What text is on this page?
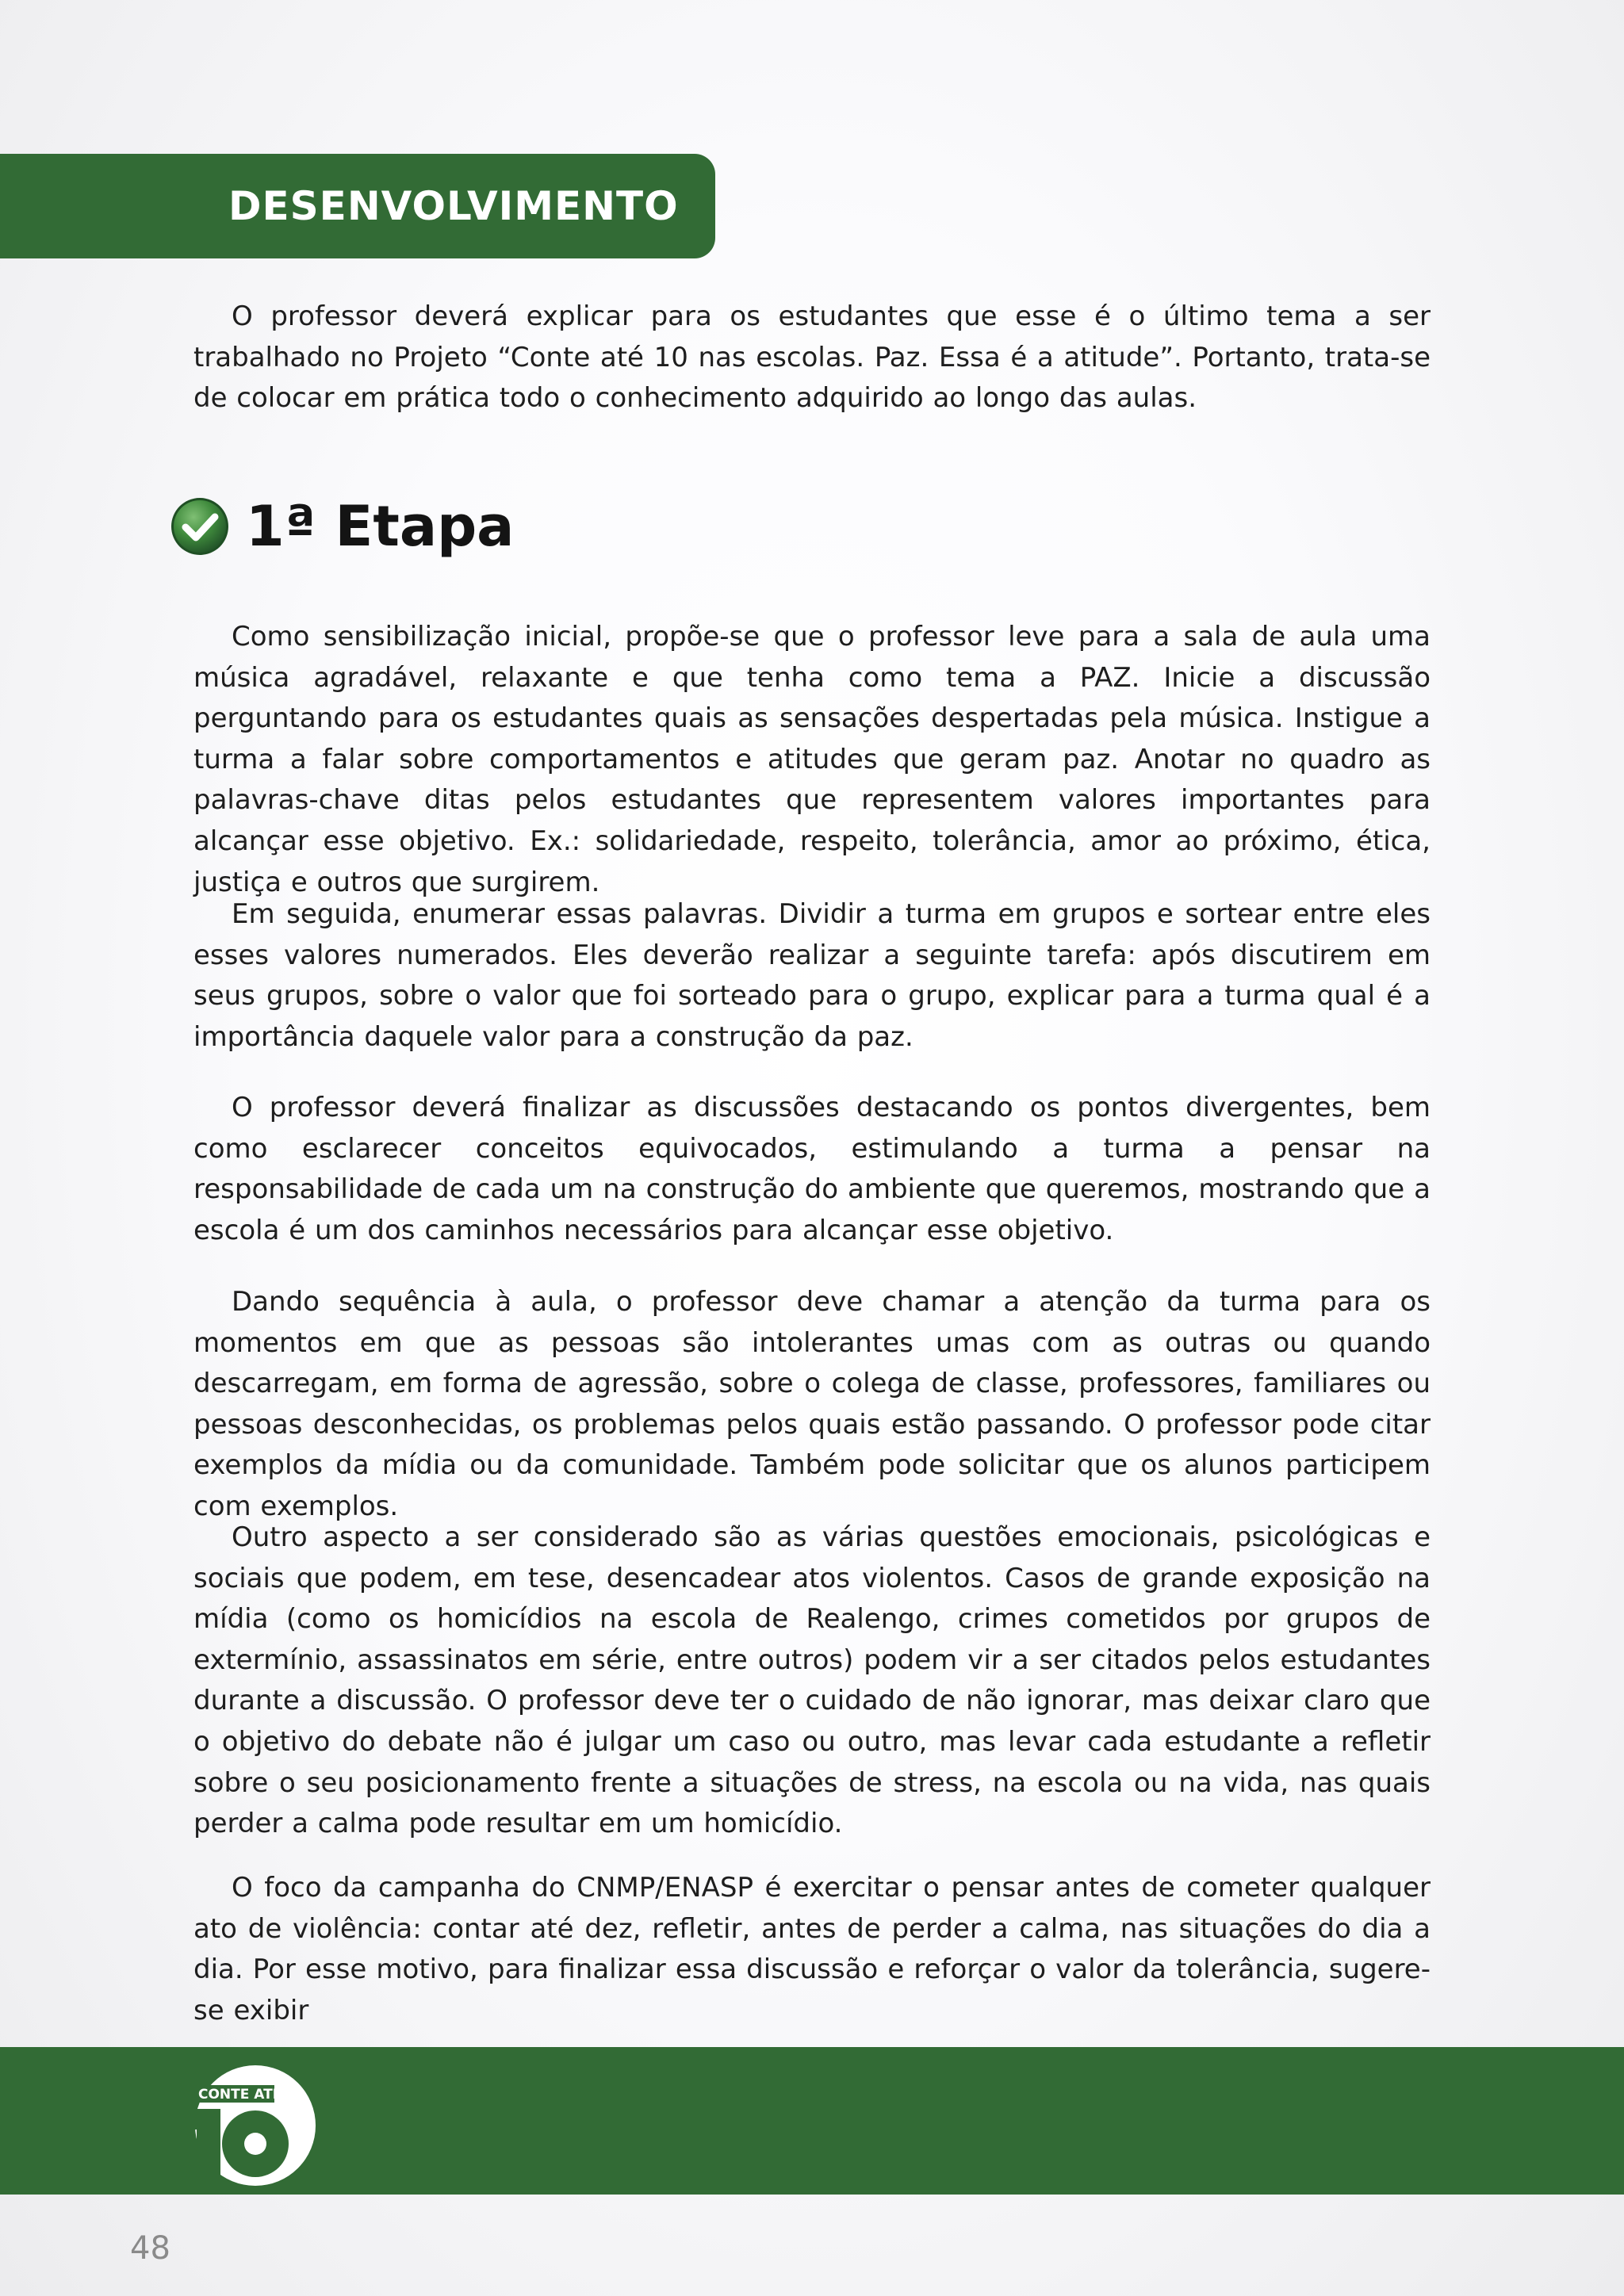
DESENVOLVIMENTO

O professor deverá explicar para os estudantes que esse é o último tema a ser trabalhado no Projeto “Conte até 10 nas escolas. Paz. Essa é a atitude”. Portanto, trata-se de colocar em prática todo o conhecimento adquirido ao longo das aulas.

1ª Etapa

Como sensibilização inicial, propõe-se que o professor leve para a sala de aula uma música agradável, relaxante e que tenha como tema a PAZ. Inicie a discussão perguntando para os estudantes quais as sensações despertadas pela música. Instigue a turma a falar sobre comportamentos e atitudes que geram paz. Anotar no quadro as palavras-chave ditas pelos estudantes que representem valores importantes para alcançar esse objetivo. Ex.: solidariedade, respeito, tolerância, amor ao próximo, ética, justiça e outros que surgirem.

Em seguida, enumerar essas palavras. Dividir a turma em grupos e sortear entre eles esses valores numerados. Eles deverão realizar a seguinte tarefa: após discutirem em seus grupos, sobre o valor que foi sorteado para o grupo, explicar para a turma qual é a importância daquele valor para a construção da paz.

O professor deverá finalizar as discussões destacando os pontos divergentes, bem como esclarecer conceitos equivocados, estimulando a turma a pensar na responsabilidade de cada um na construção do ambiente que queremos, mostrando que a escola é um dos caminhos necessários para alcançar esse objetivo.

Dando sequência à aula, o professor deve chamar a atenção da turma para os momentos em que as pessoas são intolerantes umas com as outras ou quando descarregam, em forma de agressão, sobre o colega de classe, professores, familiares ou pessoas desconhecidas, os problemas pelos quais estão passando. O professor pode citar exemplos da mídia ou da comunidade. Também pode solicitar que os alunos participem com exemplos.

Outro aspecto a ser considerado são as várias questões emocionais, psicológicas e sociais que podem, em tese, desencadear atos violentos. Casos de grande exposição na mídia (como os homicídios na escola de Realengo, crimes cometidos por grupos de extermínio, assassinatos em série, entre outros) podem vir a ser citados pelos estudantes durante a discussão. O professor deve ter o cuidado de não ignorar, mas deixar claro que o objetivo do debate não é julgar um caso ou outro, mas levar cada estudante a refletir sobre o seu posicionamento frente a situações de stress, na escola ou na vida, nas quais perder a calma pode resultar em um homicídio.

O foco da campanha do CNMP/ENASP é exercitar o pensar antes de cometer qualquer ato de violência: contar até dez, refletir, antes de perder a calma, nas situações do dia a dia. Por esse motivo, para finalizar essa discussão e reforçar o valor da tolerância, sugere-se exibir

CONTE ATÉ
48
